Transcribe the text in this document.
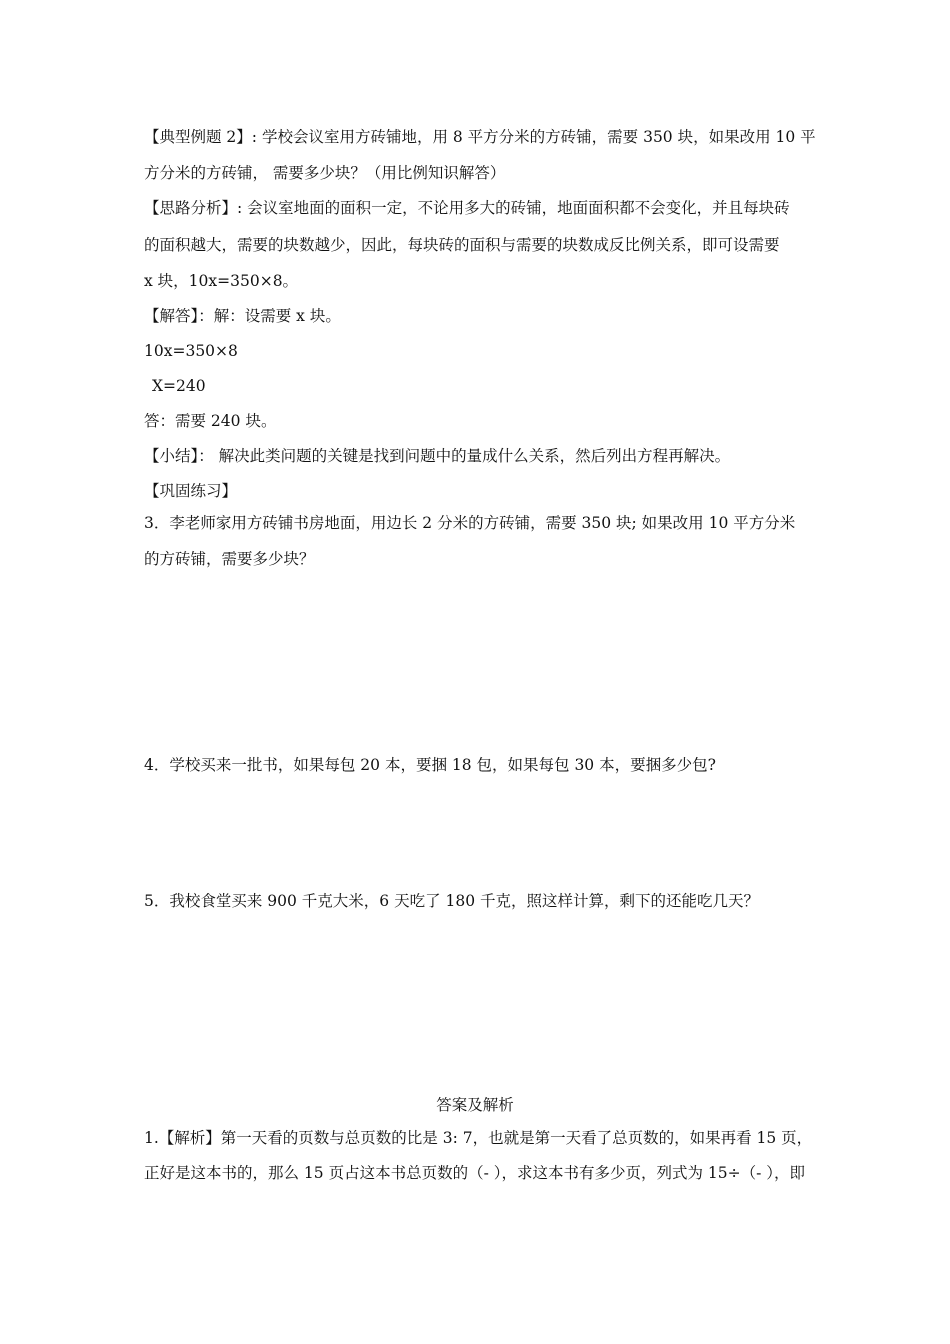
【典型例题 2】: 学校会议室用方砖铺地，用 8 平方分米的方砖铺，需要 350 块，如果改用 10 平
方分米的方砖铺， 需要多少块？（用比例知识解答）
【思路分析】: 会议室地面的面积一定，不论用多大的砖铺，地面面积都不会变化，并且每块砖
的面积越大，需要的块数越少，因此，每块砖的面积与需要的块数成反比例关系，即可设需要
x 块，10x=350×8。
【解答】：解：设需要 x 块。
10x=350×8
X=240
答：需要 240 块。
【小结】： 解决此类问题的关键是找到问题中的量成什么关系，然后列出方程再解决。
【巩固练习】
3．李老师家用方砖铺书房地面，用边长 2 分米的方砖铺，需要 350 块; 如果改用 10 平方分米
的方砖铺，需要多少块？
4．学校买来一批书，如果每包 20 本，要捆 18 包，如果每包 30 本，要捆多少包?
5．我校食堂买来 900 千克大米，6 天吃了 180 千克，照这样计算，剩下的还能吃几天？
答案及解析
1.【解析】第一天看的页数与总页数的比是 3: 7，也就是第一天看了总页数的，如果再看 15 页，
正好是这本书的，那么 15 页占这本书总页数的（- ），求这本书有多少页，列式为 15÷（- ），即
